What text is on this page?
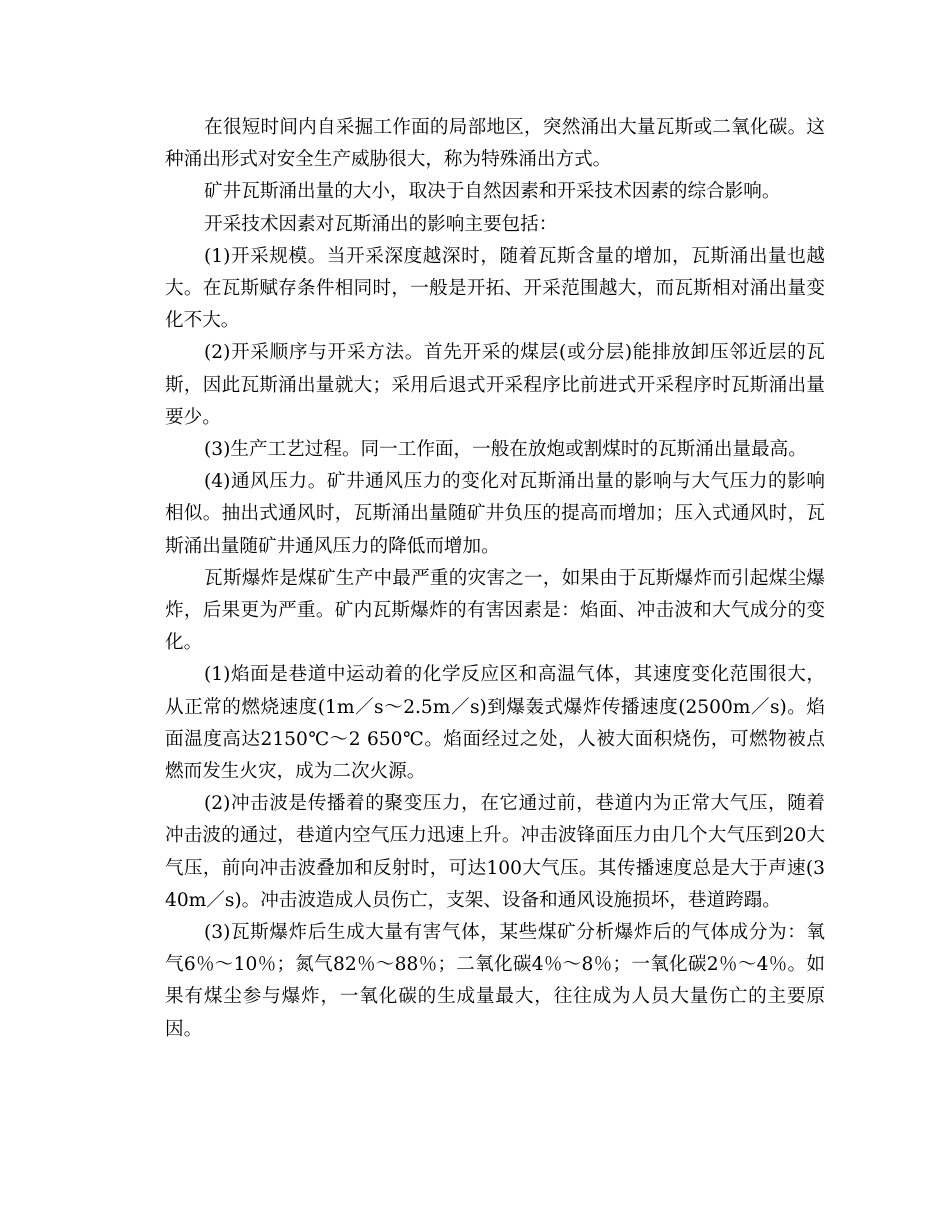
在很短时间内自采掘工作面的局部地区，突然涌出大量瓦斯或二氧化碳。这种涌出形式对安全生产威胁很大，称为特殊涌出方式。

矿井瓦斯涌出量的大小，取决于自然因素和开采技术因素的综合影响。

开采技术因素对瓦斯涌出的影响主要包括：

(1)开采规模。当开采深度越深时，随着瓦斯含量的增加，瓦斯涌出量也越大。在瓦斯赋存条件相同时，一般是开拓、开采范围越大，而瓦斯相对涌出量变化不大。

(2)开采顺序与开采方法。首先开采的煤层(或分层)能排放卸压邻近层的瓦斯，因此瓦斯涌出量就大；采用后退式开采程序比前进式开采程序时瓦斯涌出量要少。

(3)生产工艺过程。同一工作面，一般在放炮或割煤时的瓦斯涌出量最高。

(4)通风压力。矿井通风压力的变化对瓦斯涌出量的影响与大气压力的影响相似。抽出式通风时，瓦斯涌出量随矿井负压的提高而增加；压入式通风时，瓦斯涌出量随矿井通风压力的降低而增加。

瓦斯爆炸是煤矿生产中最严重的灾害之一，如果由于瓦斯爆炸而引起煤尘爆炸，后果更为严重。矿内瓦斯爆炸的有害因素是：焰面、冲击波和大气成分的变化。

(1)焰面是巷道中运动着的化学反应区和高温气体，其速度变化范围很大，从正常的燃烧速度(1m／s～2.5m／s)到爆轰式爆炸传播速度(2500m／s)。焰面温度高达2150℃～2 650℃。焰面经过之处，人被大面积烧伤，可燃物被点燃而发生火灾，成为二次火源。

(2)冲击波是传播着的聚变压力，在它通过前，巷道内为正常大气压，随着冲击波的通过，巷道内空气压力迅速上升。冲击波锋面压力由几个大气压到20大气压，前向冲击波叠加和反射时，可达100大气压。其传播速度总是大于声速(340m／s)。冲击波造成人员伤亡，支架、设备和通风设施损坏，巷道跨蹋。

(3)瓦斯爆炸后生成大量有害气体，某些煤矿分析爆炸后的气体成分为：氧气6％～10％；氮气82％～88％；二氧化碳4％～8％；一氧化碳2％～4％。如果有煤尘参与爆炸，一氧化碳的生成量最大，往往成为人员大量伤亡的主要原因。
